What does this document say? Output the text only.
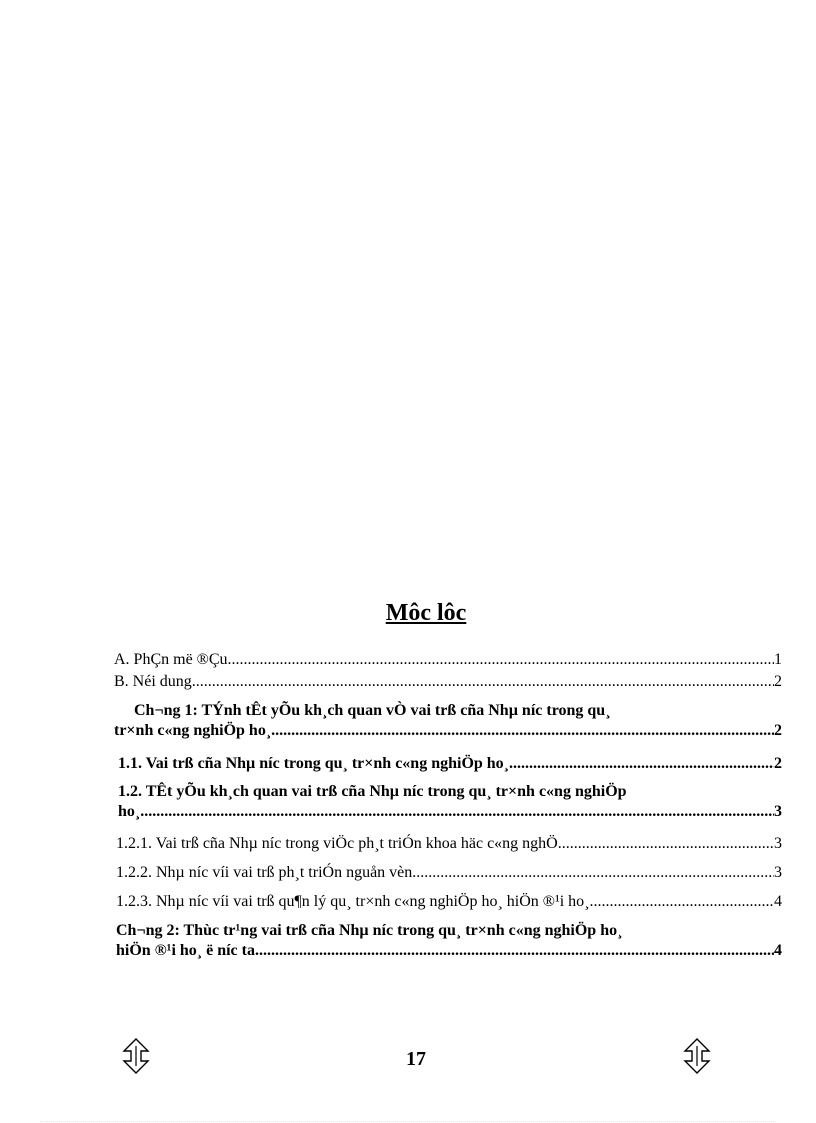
Môc lôc
A. PhÇn më ®Çu .....	1
B. Néi dung .....	2
Ch¬ng 1: TÝnh tÊt yÕu kh¸ch quan vÒ vai trß cña Nhµ níc trong qu¸
tr×nh c«ng nghiÖp ho¸ .....	2
1.1. Vai trß cña Nhµ níc trong qu¸ tr×nh c«ng nghiÖp ho¸ .....	2
1.2. TÊt yÕu kh¸ch quan vai trß cña Nhµ níc trong qu¸ tr×nh c«ng nghiÖp
ho¸ .....	3
1.2.1. Vai trß cña Nhµ níc trong viÖc ph¸t triÓn khoa häc c«ng nghÖ .....	3
1.2.2. Nhµ níc víi vai trß ph¸t triÓn nguån vèn .....	3
1.2.3. Nhµ níc víi vai trß qu¶n lý qu¸ tr×nh c«ng nghiÖp ho¸ hiÖn ®¹i ho¸ .....	4
Ch¬ng 2: Thùc tr¹ng vai trß cña Nhµ níc trong qu¸ tr×nh c«ng nghiÖp ho¸
hiÖn ®¹i ho¸ ë níc ta .....	4
17
